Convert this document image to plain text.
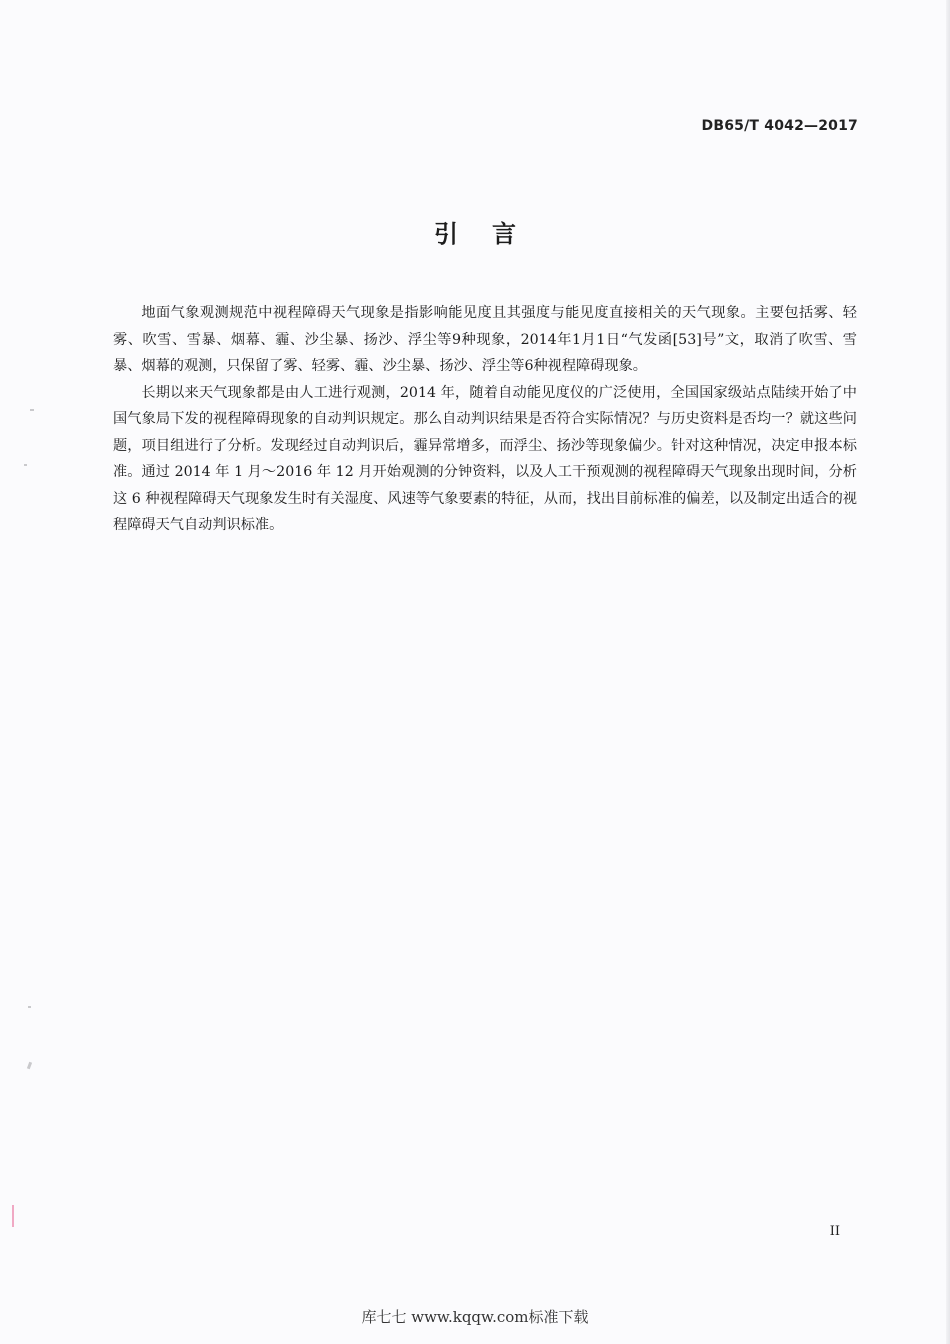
DB65/T 4042—2017
引言

地面气象观测规范中视程障碍天气现象是指影响能见度且其强度与能见度直接相关的天气现象。主要包括雾、轻雾、吹雪、雪暴、烟幕、霾、沙尘暴、扬沙、浮尘等9种现象，2014年1月1日“气发函[53]号”文，取消了吹雪、雪暴、烟幕的观测，只保留了雾、轻雾、霾、沙尘暴、扬沙、浮尘等6种视程障碍现象。

长期以来天气现象都是由人工进行观测，2014 年，随着自动能见度仪的广泛使用，全国国家级站点陆续开始了中国气象局下发的视程障碍现象的自动判识规定。那么自动判识结果是否符合实际情况？与历史资料是否均一？就这些问题，项目组进行了分析。发现经过自动判识后，霾异常增多，而浮尘、扬沙等现象偏少。针对这种情况，决定申报本标准。通过 2014 年 1 月～2016 年 12 月开始观测的分钟资料，以及人工干预观测的视程障碍天气现象出现时间，分析这 6 种视程障碍天气现象发生时有关湿度、风速等气象要素的特征，从而，找出目前标准的偏差，以及制定出适合的视程障碍天气自动判识标准。

II
库七七 www.kqqw.com标准下载
